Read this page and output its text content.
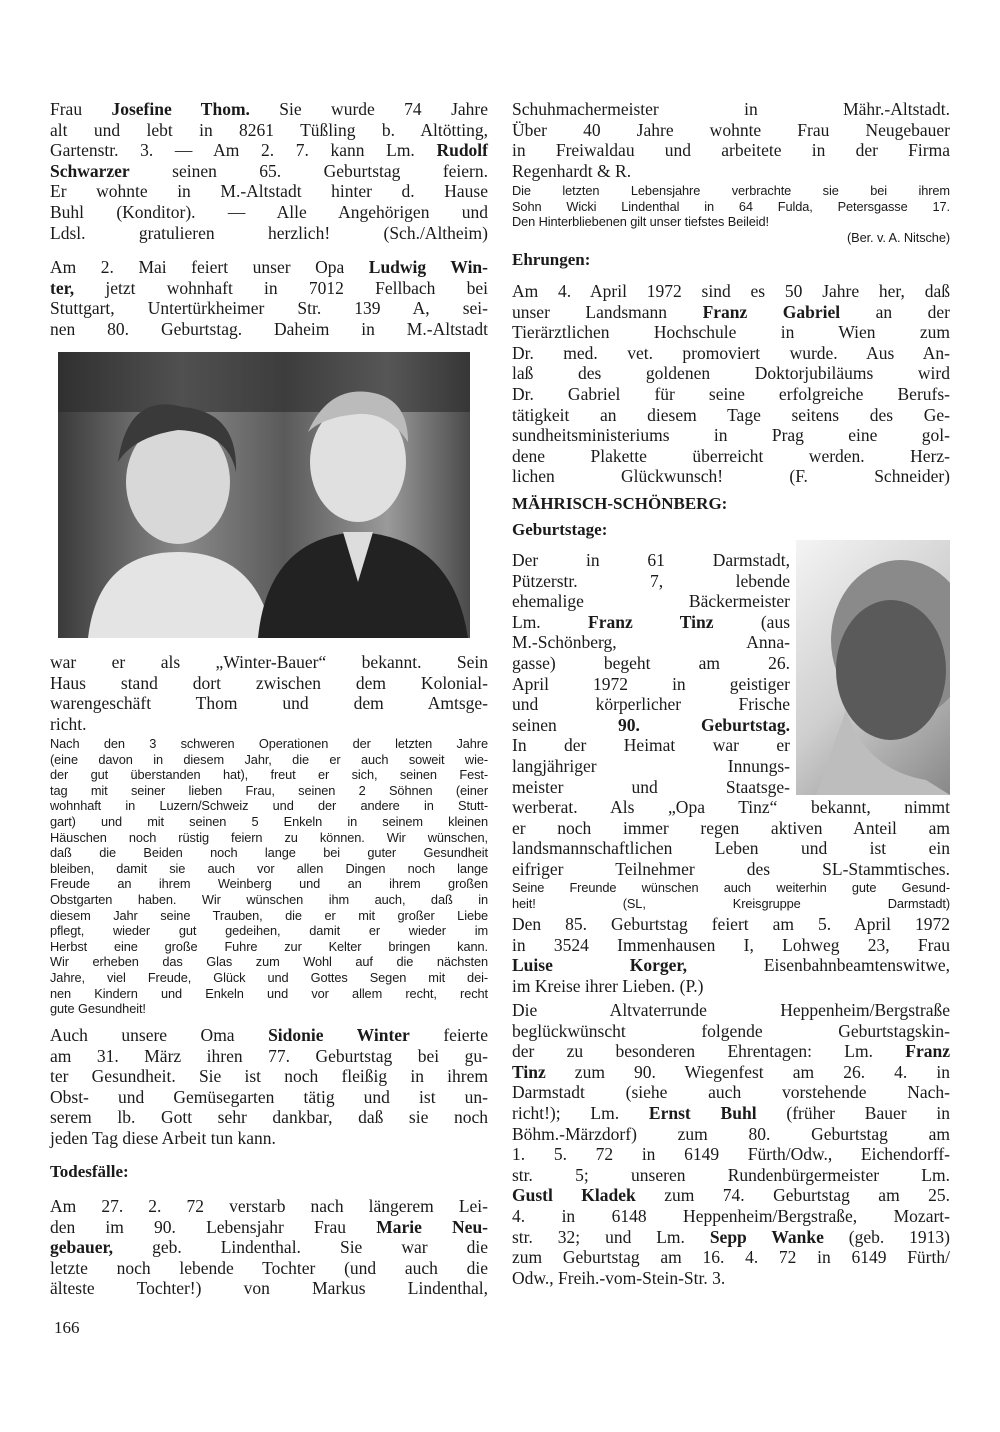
Frau Josefine Thom. Sie wurde 74 Jahre
alt und lebt in 8261 Tüßling b. Altötting,
Gartenstr. 3. — Am 2. 7. kann Lm. Rudolf
Schwarzer seinen 65. Geburtstag feiern.
Er wohnte in M.-Altstadt hinter d. Hause
Buhl (Konditor). — Alle Angehörigen und
Ldsl. gratulieren herzlich! (Sch./Altheim)
Am 2. Mai feiert unser Opa Ludwig Win-
ter, jetzt wohnhaft in 7012 Fellbach bei
Stuttgart, Untertürkheimer Str. 139 A, sei-
nen 80. Geburtstag. Daheim in M.-Altstadt
war er als „Winter-Bauer“ bekannt. Sein
Haus stand dort zwischen dem Kolonial-
warengeschäft Thom und dem Amtsge-
richt.
Nach den 3 schweren Operationen der letzten Jahre
(eine davon in diesem Jahr, die er auch soweit wie-
der gut überstanden hat), freut er sich, seinen Fest-
tag mit seiner lieben Frau, seinen 2 Söhnen (einer
wohnhaft in Luzern/Schweiz und der andere in Stutt-
gart) und mit seinen 5 Enkeln in seinem kleinen
Häuschen noch rüstig feiern zu können. Wir wünschen,
daß die Beiden noch lange bei guter Gesundheit
bleiben, damit sie auch vor allen Dingen noch lange
Freude an ihrem Weinberg und an ihrem großen
Obstgarten haben. Wir wünschen ihm auch, daß in
diesem Jahr seine Trauben, die er mit großer Liebe
pflegt, wieder gut gedeihen, damit er wieder im
Herbst eine große Fuhre zur Kelter bringen kann.
Wir erheben das Glas zum Wohl auf die nächsten
Jahre, viel Freude, Glück und Gottes Segen mit dei-
nen Kindern und Enkeln und vor allem recht, recht
gute Gesundheit!
Auch unsere Oma Sidonie Winter feierte
am 31. März ihren 77. Geburtstag bei gu-
ter Gesundheit. Sie ist noch fleißig in ihrem
Obst- und Gemüsegarten tätig und ist un-
serem lb. Gott sehr dankbar, daß sie noch
jeden Tag diese Arbeit tun kann.
Todesfälle:
Am 27. 2. 72 verstarb nach längerem Lei-
den im 90. Lebensjahr Frau Marie Neu-
gebauer, geb. Lindenthal. Sie war die
letzte noch lebende Tochter (und auch die
älteste Tochter!) von Markus Lindenthal,
166
Schuhmachermeister in Mähr.-Altstadt.
Über 40 Jahre wohnte Frau Neugebauer
in Freiwaldau und arbeitete in der Firma
Regenhardt & R.
Die letzten Lebensjahre verbrachte sie bei ihrem
Sohn Wicki Lindenthal in 64 Fulda, Petersgasse 17.
Den Hinterbliebenen gilt unser tiefstes Beileid!
(Ber. v. A. Nitsche)
Ehrungen:
Am 4. April 1972 sind es 50 Jahre her, daß
unser Landsmann Franz Gabriel an der
Tierärztlichen Hochschule in Wien zum
Dr. med. vet. promoviert wurde. Aus An-
laß des goldenen Doktorjubiläums wird
Dr. Gabriel für seine erfolgreiche Berufs-
tätigkeit an diesem Tage seitens des Ge-
sundheitsministeriums in Prag eine gol-
dene Plakette überreicht werden. Herz-
lichen Glückwunsch! (F. Schneider)
MÄHRISCH-SCHÖNBERG:
Geburtstage:
Der in 61 Darmstadt,
Pützerstr. 7, lebende
ehemalige Bäckermeister
Lm. Franz Tinz (aus
M.-Schönberg, Anna-
gasse) begeht am 26.
April 1972 in geistiger
und körperlicher Frische
seinen 90. Geburtstag.
In der Heimat war er
langjähriger Innungs-
meister und Staatsge-
werberat. Als „Opa Tinz“ bekannt, nimmt
er noch immer regen aktiven Anteil am
landsmannschaftlichen Leben und ist ein
eifriger Teilnehmer des SL-Stammtisches.
Seine Freunde wünschen auch weiterhin gute Gesund-
heit! (SL, Kreisgruppe Darmstadt)
Den 85. Geburtstag feiert am 5. April 1972
in 3524 Immenhausen I, Lohweg 23, Frau
Luise Korger, Eisenbahnbeamtenswitwe,
im Kreise ihrer Lieben. (P.)
Die Altvaterrunde Heppenheim/Bergstraße
beglückwünscht folgende Geburtstagskin-
der zu besonderen Ehrentagen: Lm. Franz
Tinz zum 90. Wiegenfest am 26. 4. in
Darmstadt (siehe auch vorstehende Nach-
richt!); Lm. Ernst Buhl (früher Bauer in
Böhm.-Märzdorf) zum 80. Geburtstag am
1. 5. 72 in 6149 Fürth/Odw., Eichendorff-
str. 5; unseren Rundenbürgermeister Lm.
Gustl Kladek zum 74. Geburtstag am 25.
4. in 6148 Heppenheim/Bergstraße, Mozart-
str. 32; und Lm. Sepp Wanke (geb. 1913)
zum Geburtstag am 16. 4. 72 in 6149 Fürth/
Odw., Freih.-vom-Stein-Str. 3.
